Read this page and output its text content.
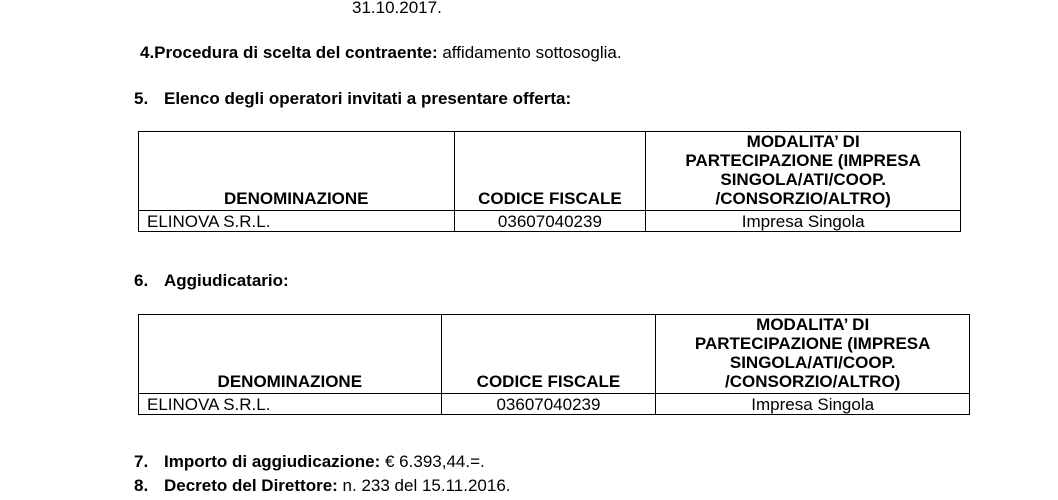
31.10.2017.
4.Procedura di scelta del contraente: affidamento sottosoglia.
5. Elenco degli operatori invitati a presentare offerta:
DENOMINAZIONE	CODICE FISCALE	MODALITA’ DI
PARTECIPAZIONE (IMPRESA
SINGOLA/ATI/COOP.
/CONSORZIO/ALTRO)
ELINOVA S.R.L.	03607040239	Impresa Singola
6. Aggiudicatario:
DENOMINAZIONE	CODICE FISCALE	MODALITA’ DI
PARTECIPAZIONE (IMPRESA
SINGOLA/ATI/COOP.
/CONSORZIO/ALTRO)
ELINOVA S.R.L.	03607040239	Impresa Singola
7. Importo di aggiudicazione: € 6.393,44.=.
8. Decreto del Direttore: n. 233 del 15.11.2016.
